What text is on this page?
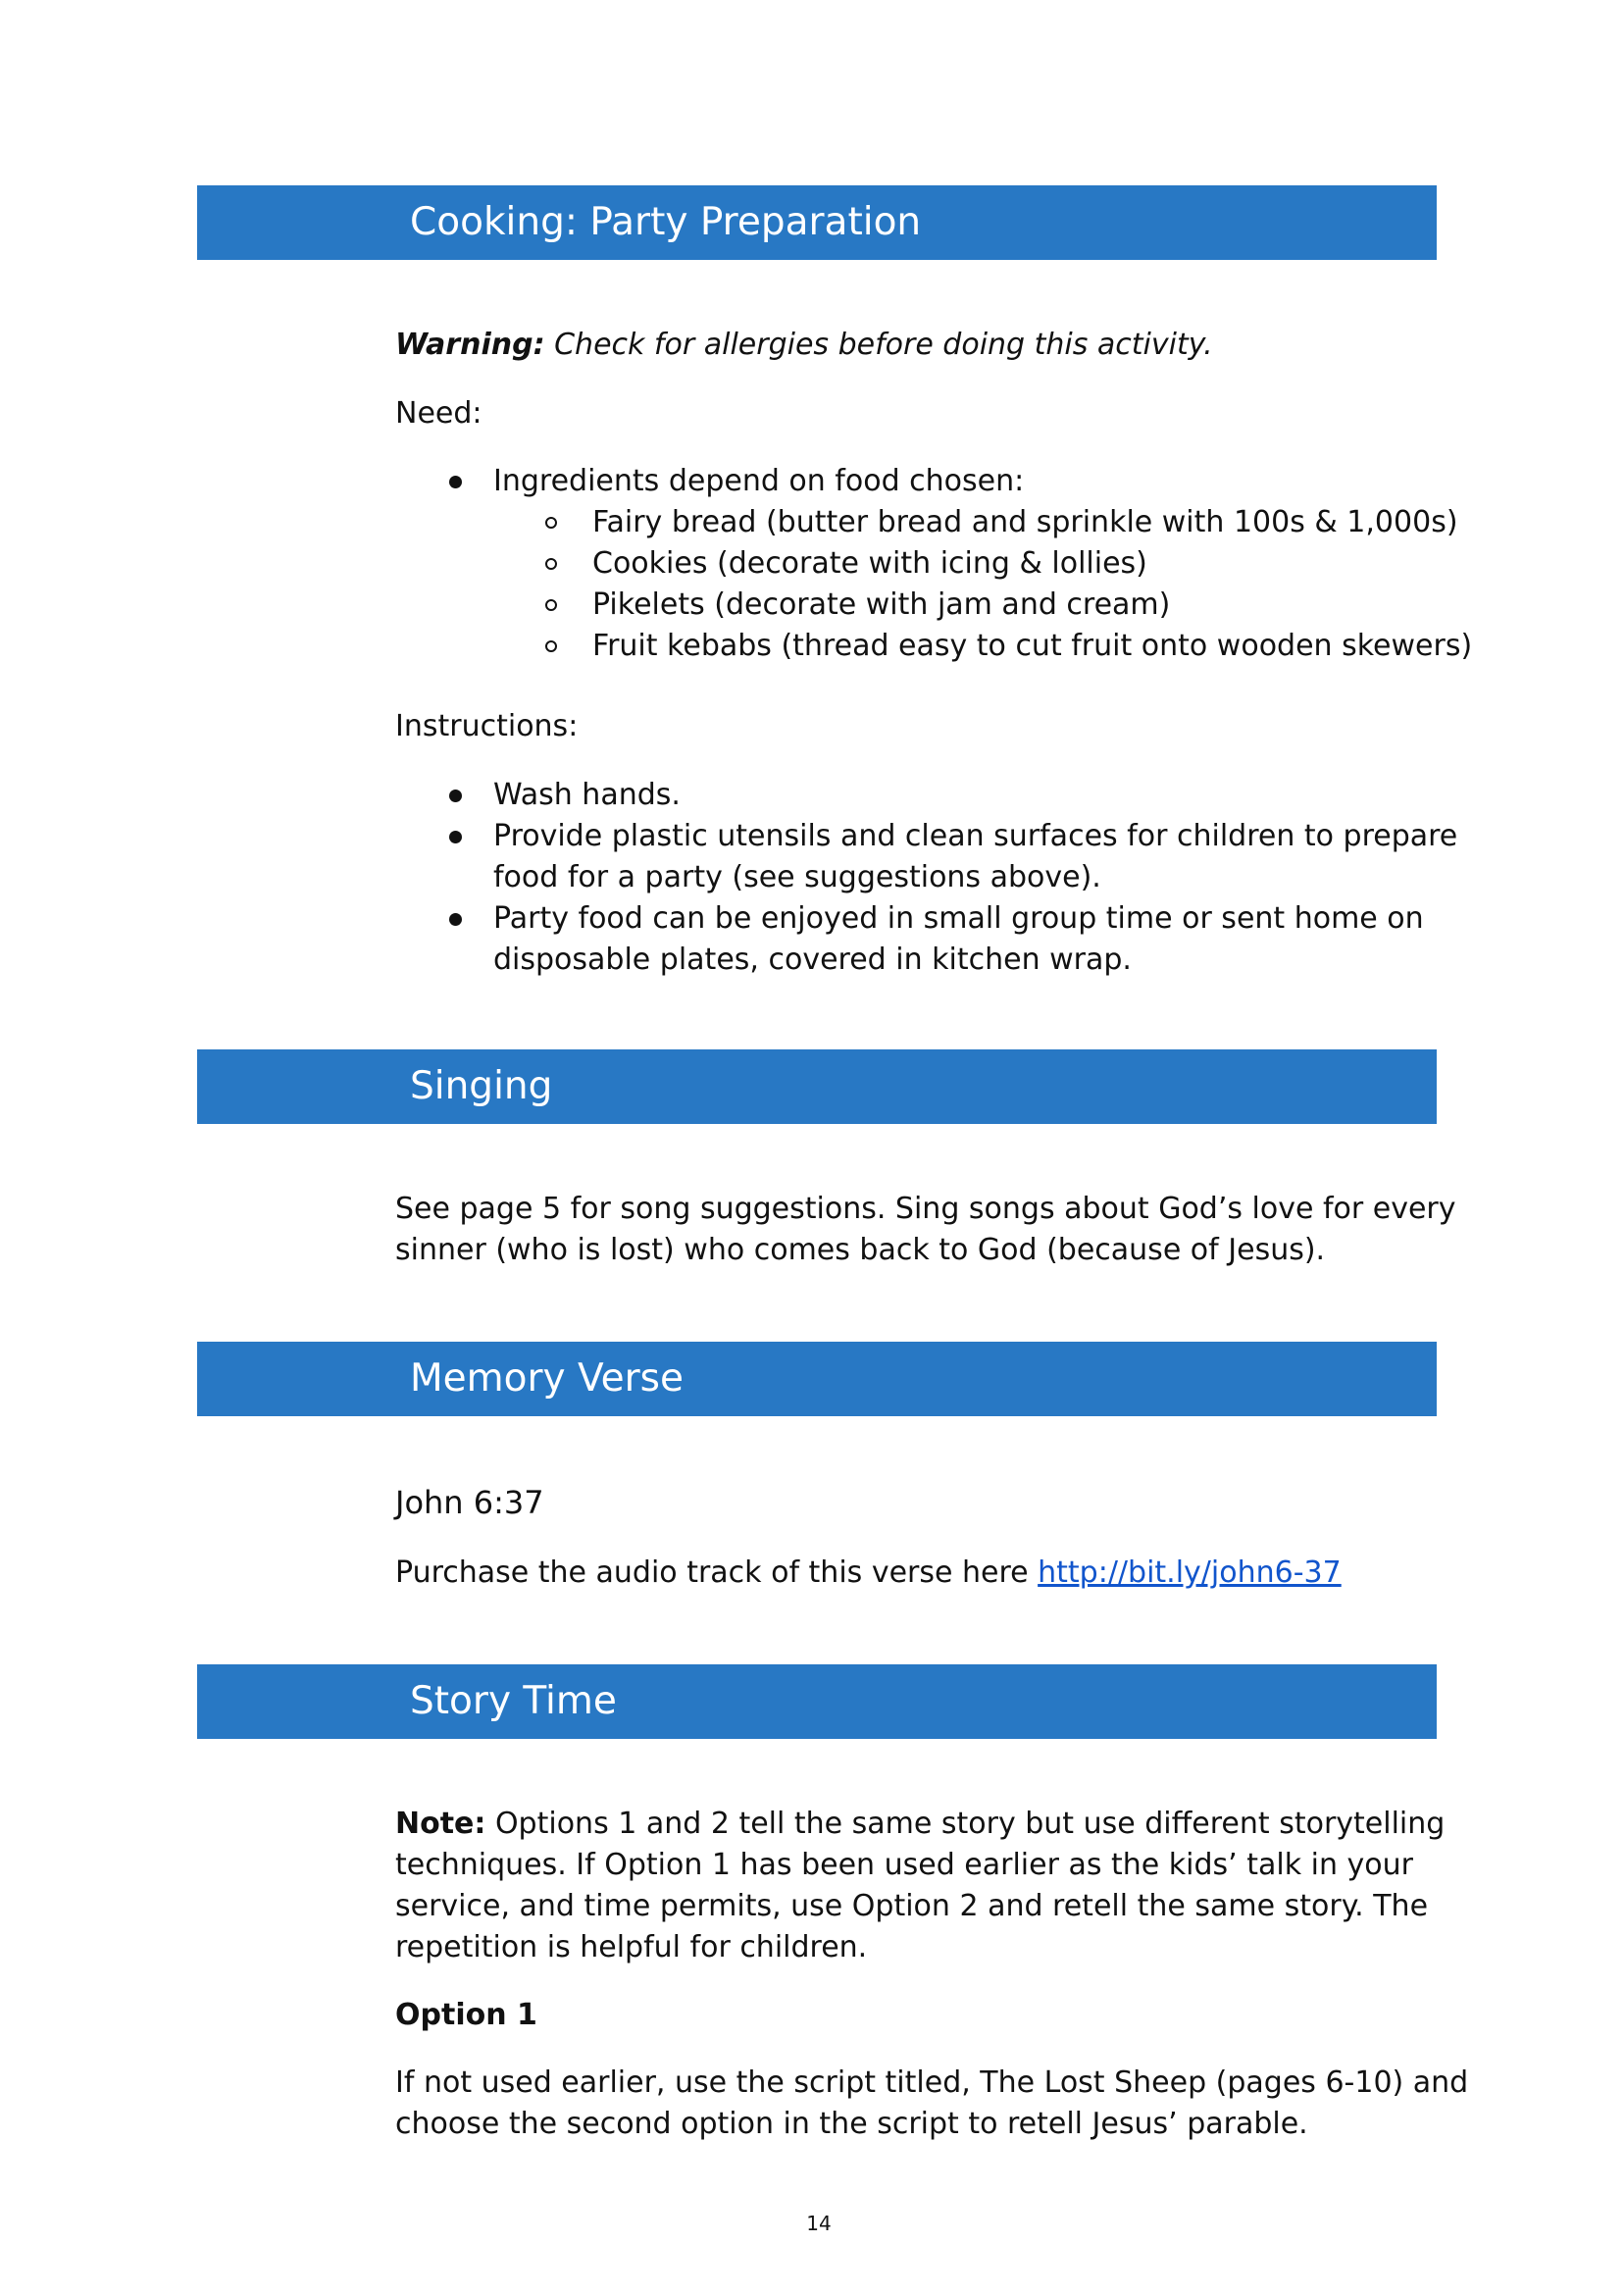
Cooking: Party Preparation
Warning: Check for allergies before doing this activity.
Need:
Ingredients depend on food chosen:
Fairy bread (butter bread and sprinkle with 100s & 1,000s)
Cookies (decorate with icing & lollies)
Pikelets (decorate with jam and cream)
Fruit kebabs (thread easy to cut fruit onto wooden skewers)
Instructions:
Wash hands.
Provide plastic utensils and clean surfaces for children to prepare
food for a party (see suggestions above).
Party food can be enjoyed in small group time or sent home on
disposable plates, covered in kitchen wrap.
Singing
See page 5 for song suggestions. Sing songs about God’s love for every
sinner (who is lost) who comes back to God (because of Jesus).
Memory Verse
John 6:37
Purchase the audio track of this verse here http://bit.ly/john6-37
Story Time
Note: Options 1 and 2 tell the same story but use different storytelling
techniques. If Option 1 has been used earlier as the kids’ talk in your
service, and time permits, use Option 2 and retell the same story. The
repetition is helpful for children.
Option 1
If not used earlier, use the script titled, The Lost Sheep (pages 6-10) and
choose the second option in the script to retell Jesus’ parable.
14
